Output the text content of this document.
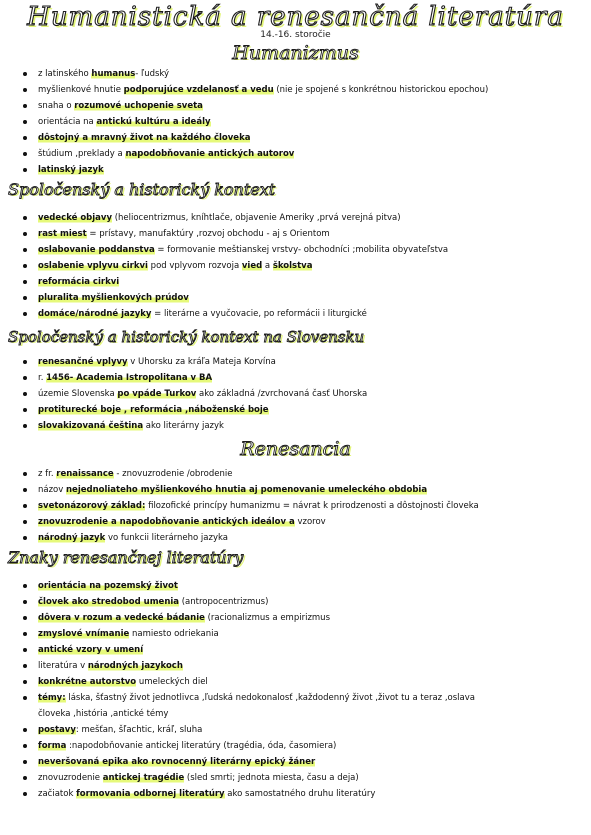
Humanistická a renesančná literatúra
14.-16. storočie
Humanizmus
z latinského humanus- ľudský
myšlienkové hnutie podporujúce vzdelanosť a vedu (nie je spojené s konkrétnou historickou epochou)
snaha o rozumové uchopenie sveta
orientácia na antickú kultúru a ideály
dôstojný a mravný život na každého človeka
štúdium ,preklady a napodobňovanie antických autorov
latinský jazyk
Spoločenský a historický kontext
vedecké objavy (heliocentrizmus, kníhtlače, objavenie Ameriky ,prvá verejná pitva)
rast miest = prístavy, manufaktúry ,rozvoj obchodu - aj s Orientom
oslabovanie poddanstva = formovanie meštianskej vrstvy- obchodníci ;mobilita obyvateľstva
oslabenie vplyvu cirkvi pod vplyvom rozvoja vied a školstva
reformácia cirkvi
pluralita myšlienkových prúdov
domáce/národné jazyky = literárne a vyučovacie, po reformácii i liturgické
Spoločenský a historický kontext na Slovensku
renesančné vplyvy v Uhorsku za kráľa Mateja Korvína
r. 1456- Academia Istropolitana v BA
územie Slovenska po vpáde Turkov ako základná /zvrchovaná časť Uhorska
protiturecké boje , reformácia ,náboženské boje
slovakizovaná čeština ako literárny jazyk
Renesancia
z fr. renaissance - znovuzrodenie /obrodenie
názov nejednoliateho myšlienkového hnutia aj pomenovanie umeleckého obdobia
svetonázorový základ: filozofické princípy humanizmu = návrat k prirodzenosti a dôstojnosti človeka
znovuzrodenie a napodobňovanie antických ideálov a vzorov
národný jazyk vo funkcii literárneho jazyka
Znaky renesančnej literatúry
orientácia na pozemský život
človek ako stredobod umenia (antropocentrizmus)
dôvera v rozum a vedecké bádanie (racionalizmus a empirizmus
zmyslové vnímanie namiesto odriekania
antické vzory v umení
literatúra v národných jazykoch
konkrétne autorstvo umeleckých diel
témy: láska, šťastný život jednotlivca ,ľudská nedokonalosť ,každodenný život ,život tu a teraz ,oslava
človeka ,história ,antické témy
postavy: mešťan, šľachtic, kráľ, sluha
forma :napodobňovanie antickej literatúry (tragédia, óda, časomiera)
neveršovaná epika ako rovnocenný literárny epický žáner
znovuzrodenie antickej tragédie (sled smrti; jednota miesta, času a deja)
začiatok formovania odbornej literatúry ako samostatného druhu literatúry
